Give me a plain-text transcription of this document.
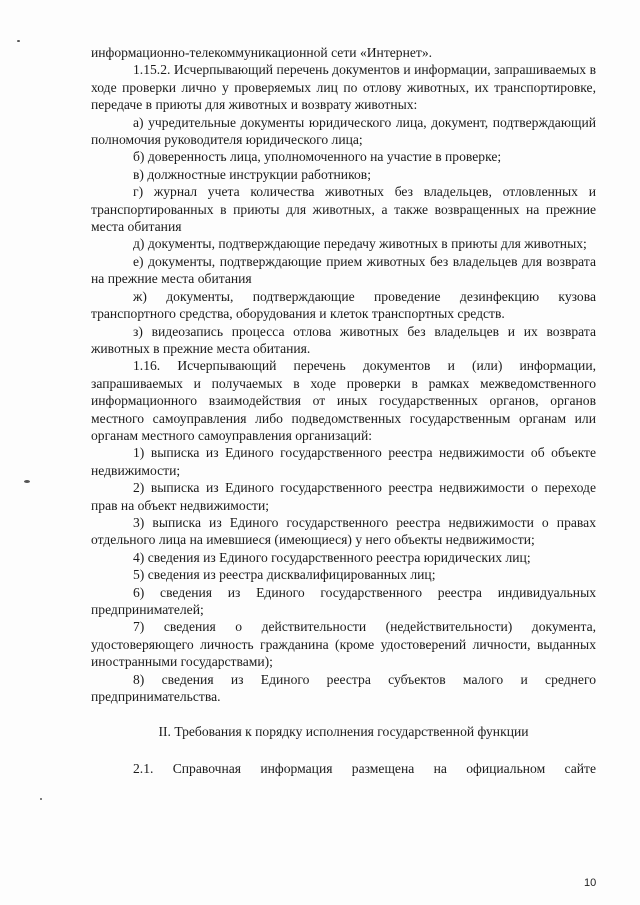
информационно-телекоммуникационной сети «Интернет».

1.15.2. Исчерпывающий перечень документов и информации, запрашиваемых в ходе проверки лично у проверяемых лиц по отлову животных, их транспортировке, передаче в приюты для животных и возврату животных:

а) учредительные документы юридического лица, документ, подтверждающий полномочия руководителя юридического лица;

б) доверенность лица, уполномоченного на участие в проверке;

в) должностные инструкции работников;

г) журнал учета количества животных без владельцев, отловленных и транспортированных в приюты для животных, а также возвращенных на прежние места обитания

д) документы, подтверждающие передачу животных в приюты для животных;

е) документы, подтверждающие прием животных без владельцев для возврата на прежние места обитания

ж) документы, подтверждающие проведение дезинфекцию кузова транспортного средства, оборудования и клеток транспортных средств.

з) видеозапись процесса отлова животных без владельцев и их возврата животных в прежние места обитания.

1.16. Исчерпывающий перечень документов и (или) информации, запрашиваемых и получаемых в ходе проверки в рамках межведомственного информационного взаимодействия от иных государственных органов, органов местного самоуправления либо подведомственных государственным органам или органам местного самоуправления организаций:

1) выписка из Единого государственного реестра недвижимости об объекте недвижимости;

2) выписка из Единого государственного реестра недвижимости о переходе прав на объект недвижимости;

3) выписка из Единого государственного реестра недвижимости о правах отдельного лица на имевшиеся (имеющиеся) у него объекты недвижимости;

4) сведения из Единого государственного реестра юридических лиц;

5) сведения из реестра дисквалифицированных лиц;

6) сведения из Единого государственного реестра индивидуальных предпринимателей;

7) сведения о действительности (недействительности) документа, удостоверяющего личность гражданина (кроме удостоверений личности, выданных иностранными государствами);

8) сведения из Единого реестра субъектов малого и среднего предпринимательства.

II. Требования к порядку исполнения государственной функции

2.1. Справочная информация размещена на официальном сайте

10
